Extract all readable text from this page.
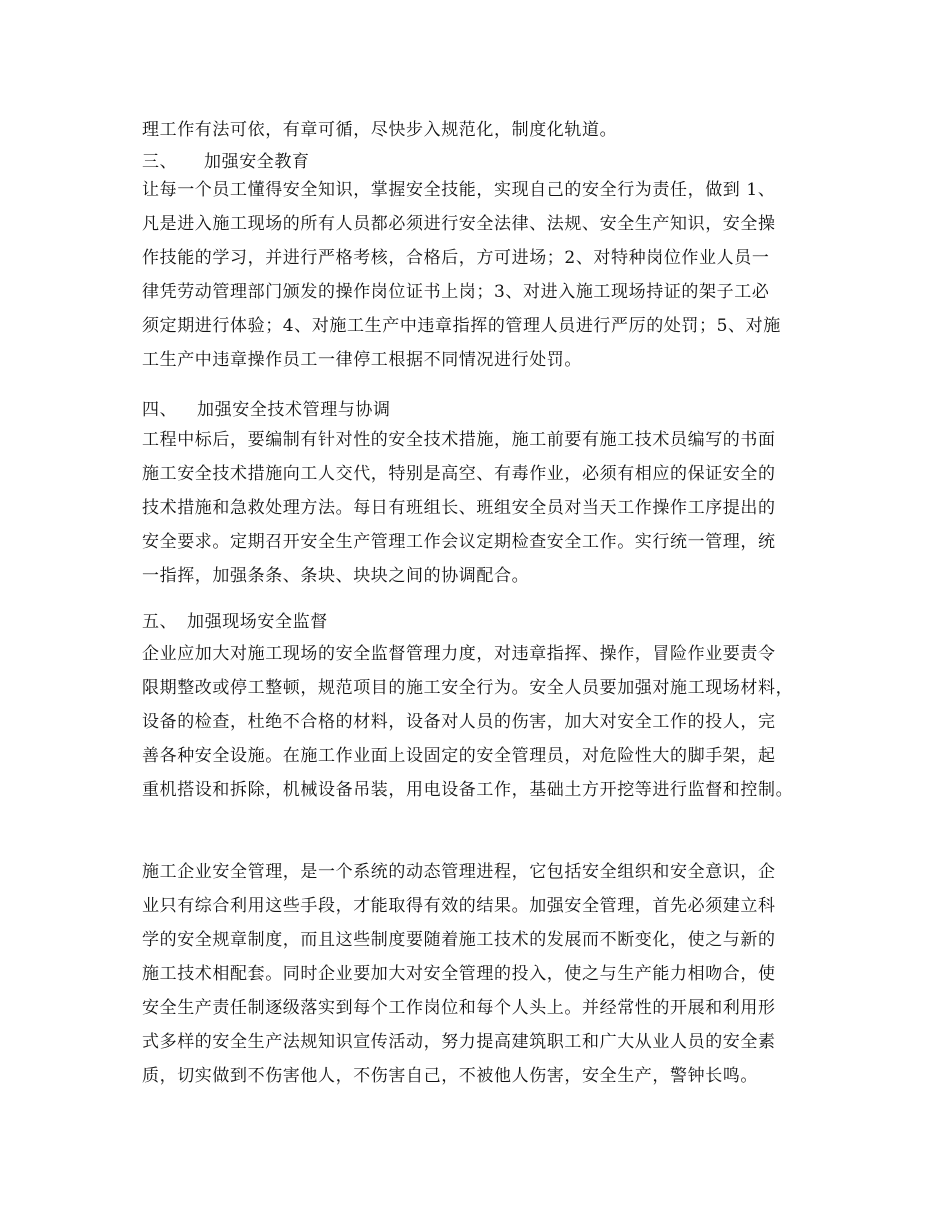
理工作有法可依，有章可循，尽快步入规范化，制度化轨道。
三、 加强安全教育
让每一个员工懂得安全知识，掌握安全技能，实现自己的安全行为责任，做到 1、
凡是进入施工现场的所有人员都必须进行安全法律、法规、安全生产知识，安全操
作技能的学习，并进行严格考核，合格后，方可进场；2、对特种岗位作业人员一
律凭劳动管理部门颁发的操作岗位证书上岗；3、对进入施工现场持证的架子工必
须定期进行体验；4、对施工生产中违章指挥的管理人员进行严厉的处罚；5、对施
工生产中违章操作员工一律停工根据不同情况进行处罚。
四、 加强安全技术管理与协调
工程中标后，要编制有针对性的安全技术措施，施工前要有施工技术员编写的书面
施工安全技术措施向工人交代，特别是高空、有毒作业，必须有相应的保证安全的
技术措施和急救处理方法。每日有班组长、班组安全员对当天工作操作工序提出的
安全要求。定期召开安全生产管理工作会议定期检查安全工作。实行统一管理，统
一指挥，加强条条、条块、块块之间的协调配合。
五、 加强现场安全监督
企业应加大对施工现场的安全监督管理力度，对违章指挥、操作，冒险作业要责令
限期整改或停工整顿，规范项目的施工安全行为。安全人员要加强对施工现场材料，
设备的检查，杜绝不合格的材料，设备对人员的伤害，加大对安全工作的投人，完
善各种安全设施。在施工作业面上设固定的安全管理员，对危险性大的脚手架，起
重机搭设和拆除，机械设备吊装，用电设备工作，基础土方开挖等进行监督和控制。
施工企业安全管理，是一个系统的动态管理进程，它包括安全组织和安全意识，企
业只有综合利用这些手段，才能取得有效的结果。加强安全管理，首先必须建立科
学的安全规章制度，而且这些制度要随着施工技术的发展而不断变化，使之与新的
施工技术相配套。同时企业要加大对安全管理的投入，使之与生产能力相吻合，使
安全生产责任制逐级落实到每个工作岗位和每个人头上。并经常性的开展和利用形
式多样的安全生产法规知识宣传活动，努力提高建筑职工和广大从业人员的安全素
质，切实做到不伤害他人，不伤害自己，不被他人伤害，安全生产，警钟长鸣。
